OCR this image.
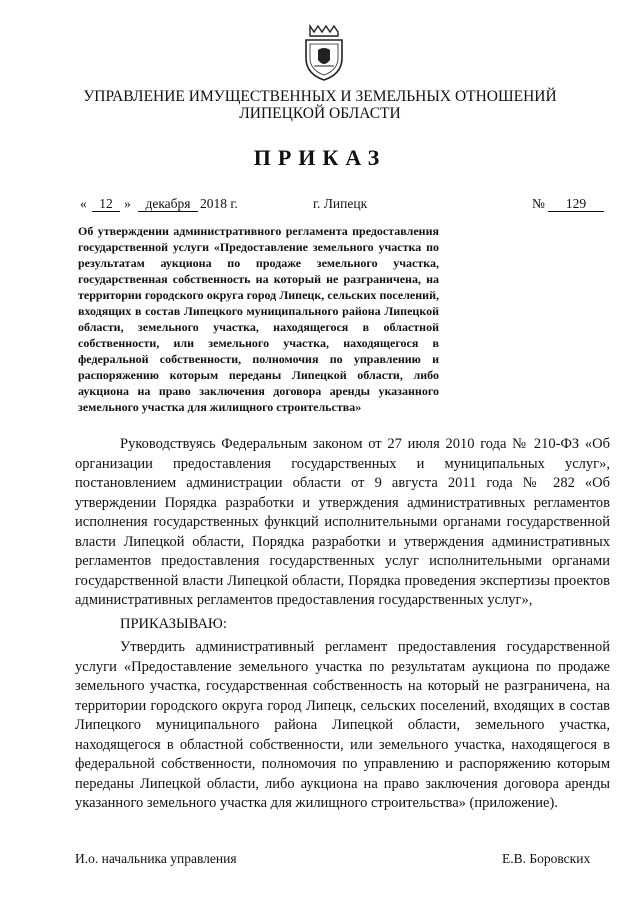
УПРАВЛЕНИЕ ИМУЩЕСТВЕННЫХ И ЗЕМЕЛЬНЫХ ОТНОШЕНИЙ
ЛИПЕЦКОЙ ОБЛАСТИ
ПРИКАЗ
« 12 »	декабря 2018 г.	г. Липецк	№	129

Об утверждении административного регламента предоставления государственной услуги «Предоставление земельного участка по результатам аукциона по продаже земельного участка, государственная собственность на который не разграничена, на территории городского округа город Липецк, сельских поселений, входящих в состав Липецкого муниципального района Липецкой области, земельного участка, находящегося в областной собственности, или земельного участка, находящегося в федеральной собственности, полномочия по управлению и распоряжению которым переданы Липецкой области, либо аукциона на право заключения договора аренды указанного земельного участка для жилищного строительства»

Руководствуясь Федеральным законом от 27 июля 2010 года № 210-ФЗ «Об организации предоставления государственных и муниципальных услуг», постановлением администрации области от 9 августа 2011 года № 282 «Об утверждении Порядка разработки и утверждения административных регламентов исполнения государственных функций исполнительными органами государственной власти Липецкой области, Порядка разработки и утверждения административных регламентов предоставления государственных услуг исполнительными органами государственной власти Липецкой области, Порядка проведения экспертизы проектов административных регламентов предоставления государственных услуг»,

ПРИКАЗЫВАЮ:

Утвердить административный регламент предоставления государственной услуги «Предоставление земельного участка по результатам аукциона по продаже земельного участка, государственная собственность на который не разграничена, на территории городского округа город Липецк, сельских поселений, входящих в состав Липецкого муниципального района Липецкой области, земельного участка, находящегося в областной собственности, или земельного участка, находящегося в федеральной собственности, полномочия по управлению и распоряжению которым переданы Липецкой области, либо аукциона на право заключения договора аренды указанного земельного участка для жилищного строительства» (приложение).

И.о. начальника управления	Е.В. Боровских
